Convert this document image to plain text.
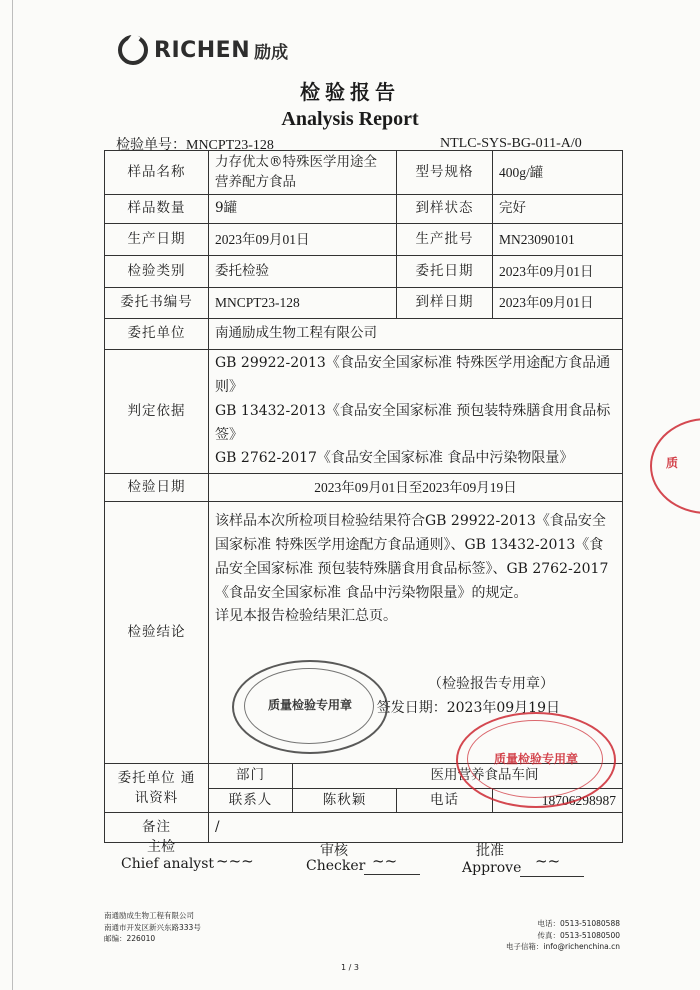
RICHEN 励成
检验报告
Analysis Report
检验单号：MNCPT23-128	NTLC-SYS-BG-011-A/0
样品名称	力存优太®特殊医学用途全营养配方食品		型号规格	400g/罐
样品数量	9罐		到样状态	完好
生产日期	2023年09月01日		生产批号	MN23090101
检验类别	委托检验		委托日期	2023年09月01日
委托书编号	MNCPT23-128		到样日期	2023年09月01日
委托单位	南通励成生物工程有限公司			
判定依据	GB 29922-2013《食品安全国家标准 特殊医学用途配方食品通则》
GB 13432-2013《食品安全国家标准 预包装特殊膳食用食品标签》
GB 2762-2017《食品安全国家标准 食品中污染物限量》			

检验日期	2023年09月01日至2023年09月19日			
检验结论	该样品本次所检项目检验结果符合GB 29922-2013《食品安全国家标准 特殊医学用途配方食品通则》、GB 13432-2013《食品安全国家标准 预包装特殊膳食用食品标签》、GB 2762-2017《食品安全国家标准 食品中污染物限量》的规定。
详见本报告检验结果汇总页。
（检验报告专用章）
签发日期：2023年09月19日			

委托单位 通讯资料	部门	医用营养食品车间		
	联系人	陈秋颖	电话	18706298987
备注	/			
质量检验专用章
质量检验专用章
质
主检
Chief analyst ~~~
审核
Checker ~~
批准
Approve ~~
南通励成生物工程有限公司
南通市开发区新兴东路333号
邮编：226010
电话：0513-51080588
传真：0513-51080500
电子信箱：info@richenchina.cn
1 / 3
